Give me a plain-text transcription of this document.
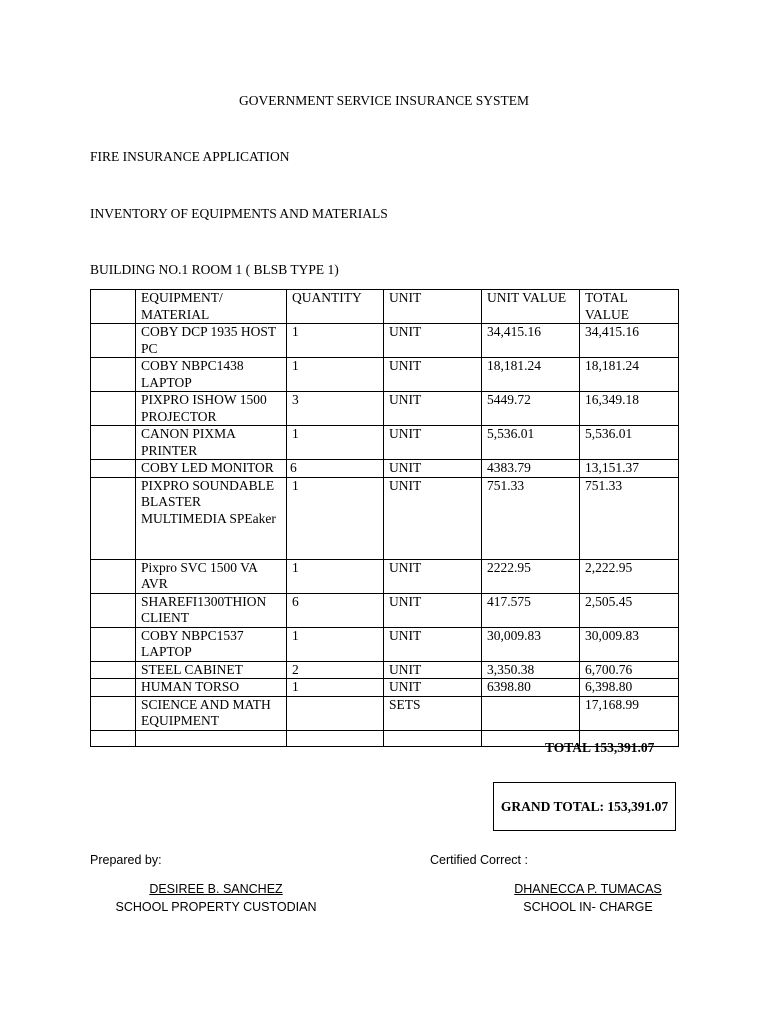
GOVERNMENT SERVICE INSURANCE SYSTEM
FIRE INSURANCE APPLICATION
INVENTORY OF EQUIPMENTS AND MATERIALS
BUILDING NO.1 ROOM 1 ( BLSB TYPE 1)
	EQUIPMENT/ MATERIAL	QUANTITY	UNIT	UNIT VALUE	TOTAL VALUE
	COBY DCP 1935 HOST PC	1	UNIT	34,415.16	34,415.16
	COBY NBPC1438 LAPTOP	1	UNIT	18,181.24	18,181.24
	PIXPRO ISHOW 1500 PROJECTOR	3	UNIT	5449.72	16,349.18
	CANON PIXMA PRINTER	1	UNIT	5,536.01	5,536.01
	COBY LED MONITOR	6	UNIT	4383.79	13,151.37
	PIXPRO SOUNDABLE BLASTER MULTIMEDIA SPEaker	1	UNIT	751.33	751.33
	Pixpro SVC 1500 VA AVR	1	UNIT	2222.95	2,222.95
	SHAREFI1300THION CLIENT	6	UNIT	417.575	2,505.45
	COBY NBPC1537 LAPTOP	1	UNIT	30,009.83	30,009.83
	STEEL CABINET	2	UNIT	3,350.38	6,700.76
	HUMAN TORSO	1	UNIT	6398.80	6,398.80
	SCIENCE AND MATH EQUIPMENT		SETS		17,168.99

TOTAL 153,391.07
GRAND TOTAL: 153,391.07
Prepared by:	Certified Correct :
DESIREE B. SANCHEZ
SCHOOL PROPERTY CUSTODIAN
DHANECCA P. TUMACAS
SCHOOL IN- CHARGE
